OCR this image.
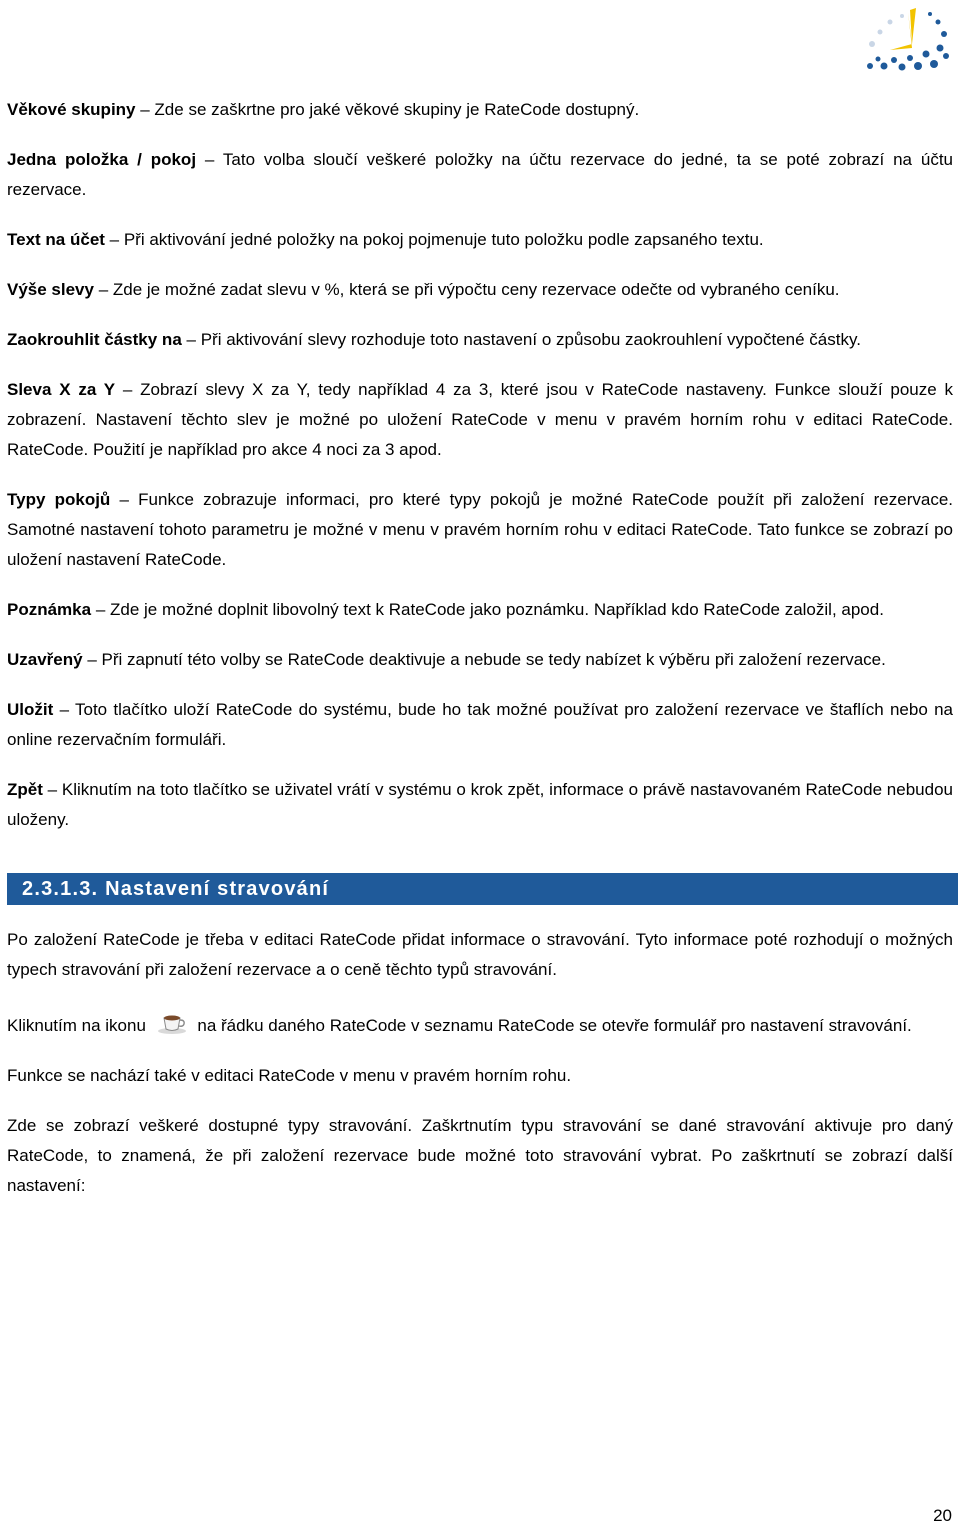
Věkové skupiny – Zde se zaškrtne pro jaké věkové skupiny je RateCode dostupný.

Jedna položka / pokoj – Tato volba sloučí veškeré položky na účtu rezervace do jedné, ta se poté zobrazí na účtu rezervace.

Text na účet – Při aktivování jedné položky na pokoj pojmenuje tuto položku podle zapsaného textu.

Výše slevy – Zde je možné zadat slevu v %, která se při výpočtu ceny rezervace odečte od vybraného ceníku.

Zaokrouhlit částky na – Při aktivování slevy rozhoduje toto nastavení o způsobu zaokrouhlení vypočtené částky.

Sleva X za Y – Zobrazí slevy X za Y, tedy například 4 za 3, které jsou v RateCode nastaveny. Funkce slouží pouze k zobrazení. Nastavení těchto slev je možné po uložení RateCode v menu v pravém horním rohu v editaci RateCode. RateCode. Použití je například pro akce 4 noci za 3 apod.

Typy pokojů – Funkce zobrazuje informaci, pro které typy pokojů je možné RateCode použít při založení rezervace. Samotné nastavení tohoto parametru je možné v menu v pravém horním rohu v editaci RateCode. Tato funkce se zobrazí po uložení nastavení RateCode.

Poznámka – Zde je možné doplnit libovolný text k RateCode jako poznámku. Například kdo RateCode založil, apod.

Uzavřený – Při zapnutí této volby se RateCode deaktivuje a nebude se tedy nabízet k výběru při založení rezervace.

Uložit – Toto tlačítko uloží RateCode do systému, bude ho tak možné používat pro založení rezervace ve štaflích nebo na online rezervačním formuláři.

Zpět – Kliknutím na toto tlačítko se uživatel vrátí v systému o krok zpět, informace o právě nastavovaném RateCode nebudou uloženy.

2.3.1.3. Nastavení stravování

Po založení RateCode je třeba v editaci RateCode přidat informace o stravování. Tyto informace poté rozhodují o možných typech stravování při založení rezervace a o ceně těchto typů stravování.

Kliknutím na ikonu	na řádku daného RateCode v seznamu RateCode se otevře formulář pro nastavení stravování.

Funkce se nachází také v editaci RateCode v menu v pravém horním rohu.

Zde se zobrazí veškeré dostupné typy stravování. Zaškrtnutím typu stravování se dané stravování aktivuje pro daný RateCode, to znamená, že při založení rezervace bude možné toto stravování vybrat. Po zaškrtnutí se zobrazí další nastavení:

20
